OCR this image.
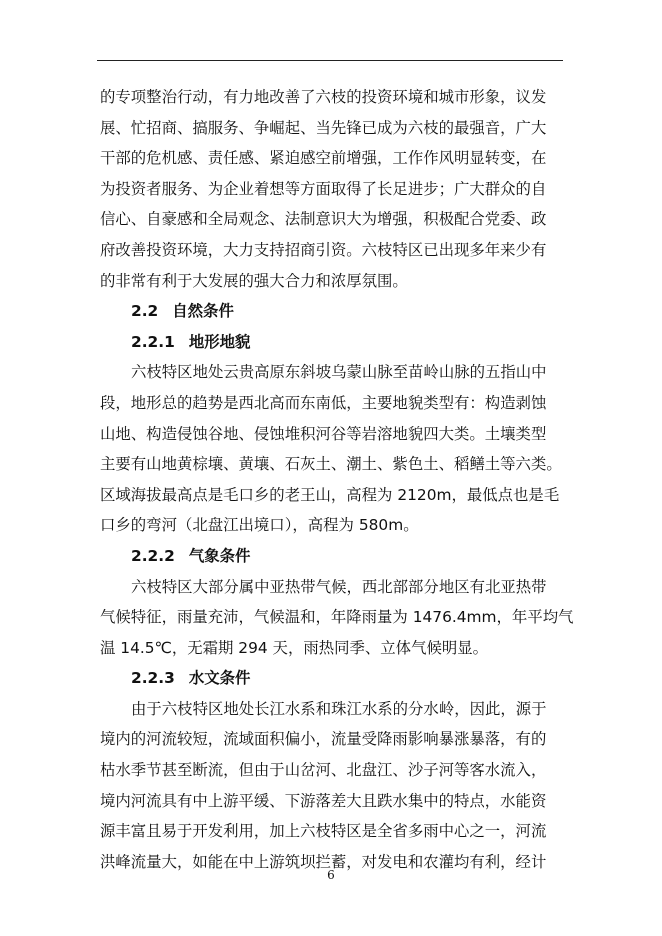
的专项整治行动，有力地改善了六枝的投资环境和城市形象，议发
展、忙招商、搞服务、争崛起、当先锋已成为六枝的最强音，广大
干部的危机感、责任感、紧迫感空前增强，工作作风明显转变，在
为投资者服务、为企业着想等方面取得了长足进步；广大群众的自
信心、自豪感和全局观念、法制意识大为增强，积极配合党委、政
府改善投资环境，大力支持招商引资。六枝特区已出现多年来少有
的非常有利于大发展的强大合力和浓厚氛围。
2.2 自然条件
2.2.1 地形地貌
六枝特区地处云贵高原东斜坡乌蒙山脉至苗岭山脉的五指山中
段，地形总的趋势是西北高而东南低，主要地貌类型有：构造剥蚀
山地、构造侵蚀谷地、侵蚀堆积河谷等岩溶地貌四大类。土壤类型
主要有山地黄棕壤、黄壤、石灰土、潮土、紫色土、稻鳝土等六类。
区域海拔最高点是毛口乡的老王山，高程为 2120m，最低点也是毛
口乡的弯河（北盘江出境口），高程为 580m。
2.2.2 气象条件
六枝特区大部分属中亚热带气候，西北部部分地区有北亚热带
气候特征，雨量充沛，气候温和，年降雨量为 1476.4mm，年平均气
温 14.5℃，无霜期 294 天，雨热同季、立体气候明显。
2.2.3 水文条件
由于六枝特区地处长江水系和珠江水系的分水岭，因此，源于
境内的河流较短，流域面积偏小，流量受降雨影响暴涨暴落，有的
枯水季节甚至断流，但由于山岔河、北盘江、沙子河等客水流入，
境内河流具有中上游平缓、下游落差大且跌水集中的特点，水能资
源丰富且易于开发利用，加上六枝特区是全省多雨中心之一，河流
洪峰流量大，如能在中上游筑坝拦蓄，对发电和农灌均有利，经计
6
